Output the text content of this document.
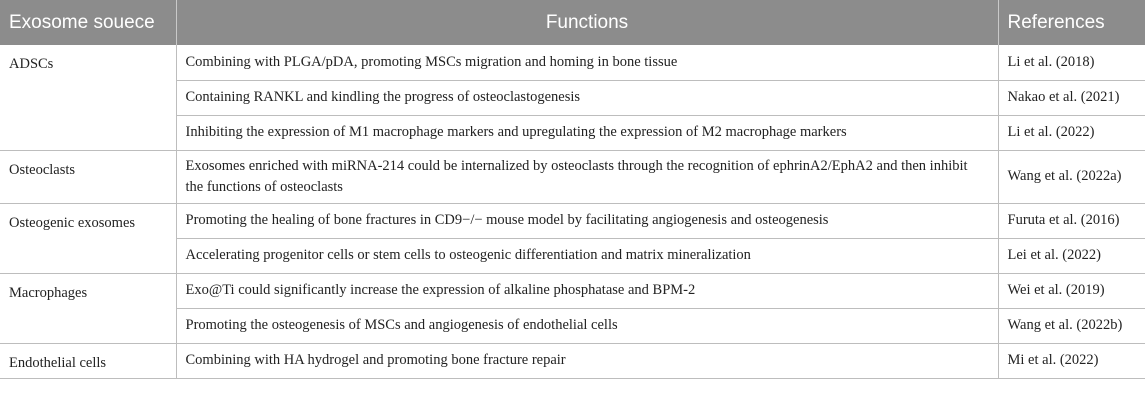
Exosome souece	Functions	References
ADSCs	Combining with PLGA/pDA, promoting MSCs migration and homing in bone tissue	Li et al. (2018)
	Containing RANKL and kindling the progress of osteoclastogenesis	Nakao et al. (2021)
	Inhibiting the expression of M1 macrophage markers and upregulating the expression of M2 macrophage markers	Li et al. (2022)
Osteoclasts	Exosomes enriched with miRNA-214 could be internalized by osteoclasts through the recognition of ephrinA2/EphA2 and then inhibit the functions of osteoclasts	Wang et al. (2022a)
Osteogenic exosomes	Promoting the healing of bone fractures in CD9−/− mouse model by facilitating angiogenesis and osteogenesis	Furuta et al. (2016)
	Accelerating progenitor cells or stem cells to osteogenic differentiation and matrix mineralization	Lei et al. (2022)
Macrophages	Exo@Ti could significantly increase the expression of alkaline phosphatase and BPM-2	Wei et al. (2019)
	Promoting the osteogenesis of MSCs and angiogenesis of endothelial cells	Wang et al. (2022b)
Endothelial cells	Combining with HA hydrogel and promoting bone fracture repair	Mi et al. (2022)
